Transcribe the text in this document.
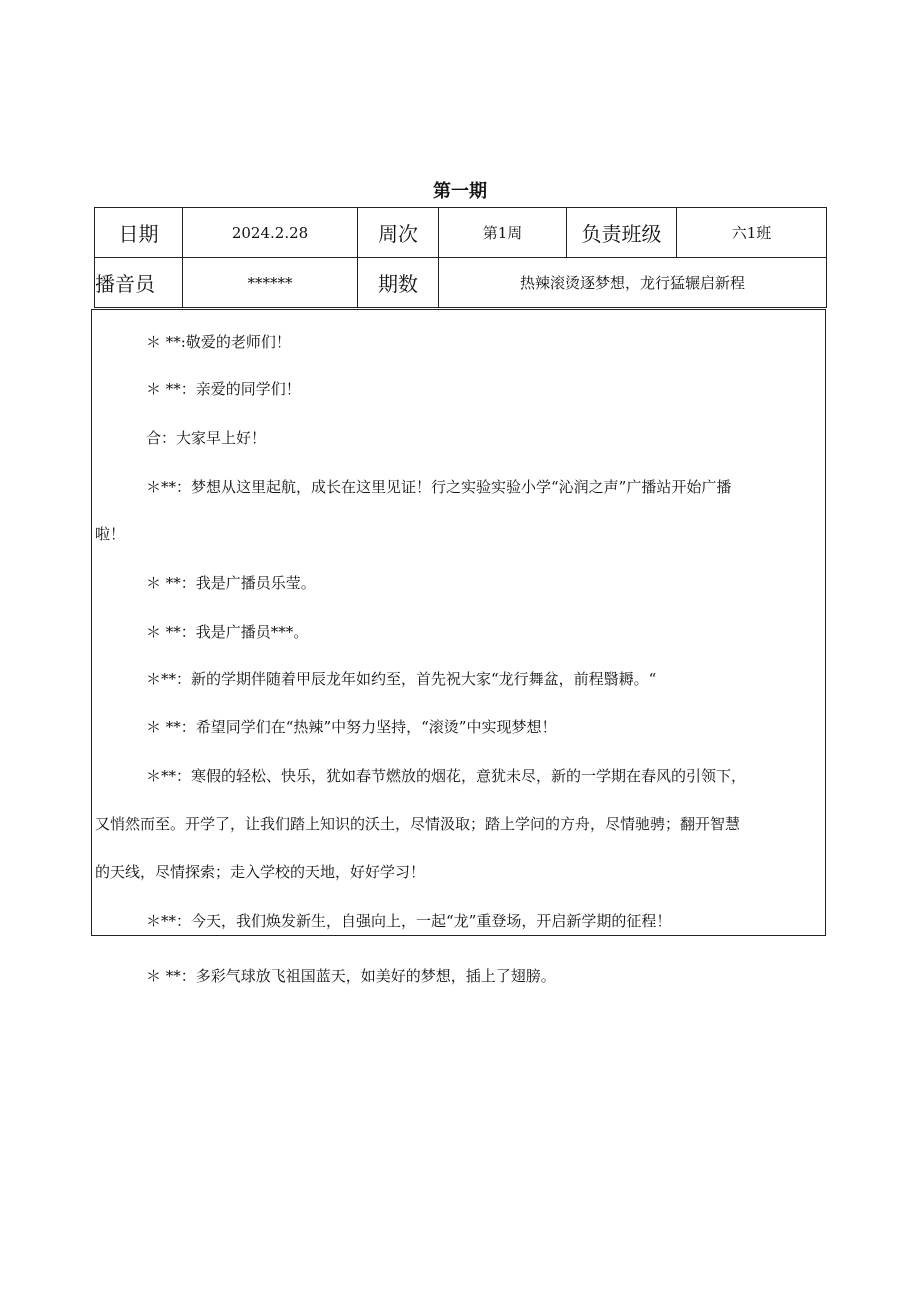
第一期
日期	2024.2.28	周次	第1周	负责班级	六1班
播音员	******	期数	热辣滚烫逐梦想，龙行猛辗启新程		
＊ **:敬爱的老师们！
＊ **：亲爱的同学们！
合：大家早上好！
＊**：梦想从这里起航，成长在这里见证！行之实验实验小学“沁润之声”广播站开始广播
啦！
＊ **：我是广播员乐莹。
＊ **：我是广播员***。
＊**：新的学期伴随着甲辰龙年如约至，首先祝大家“龙行舞盆，前程翳耨。“
＊ **：希望同学们在“热辣”中努力坚持，“滚烫”中实现梦想！
＊**：寒假的轻松、快乐，犹如春节燃放的烟花，意犹未尽，新的一学期在春风的引领下，
又悄然而至。开学了，让我们踏上知识的沃土，尽情汲取；踏上学问的方舟，尽情驰骋；翻开智慧
的天线，尽情探索；走入学校的天地，好好学习！
＊**：今天，我们焕发新生，自强向上，一起“龙”重登场，开启新学期的征程！
＊ **：多彩气球放飞祖国蓝天，如美好的梦想，插上了翅膀。
